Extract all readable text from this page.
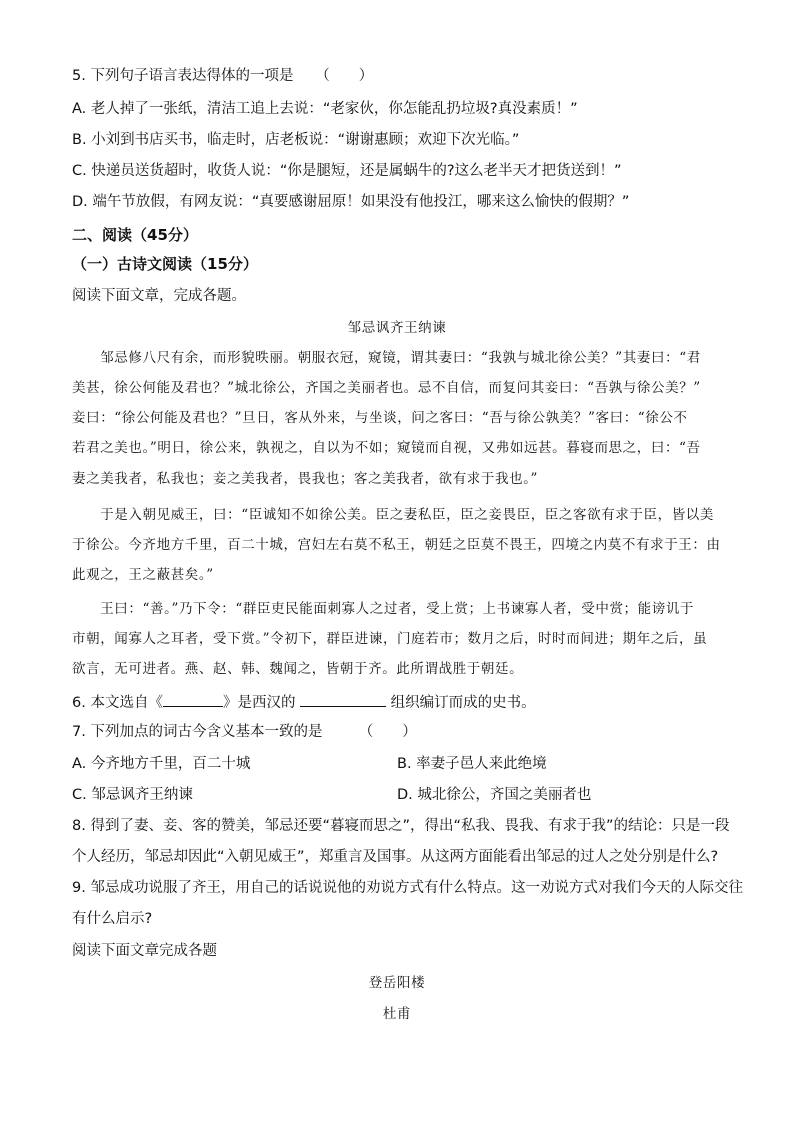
5. 下列句子语言表达得体的一项是　　（　　）
A. 老人掉了一张纸，清洁工追上去说：“老家伙，你怎能乱扔垃圾?真没素质！”
B. 小刘到书店买书，临走时，店老板说：“谢谢惠顾；欢迎下次光临。”
C. 快递员送货超时，收货人说：“你是腿短，还是属蜗牛的?这么老半天才把货送到！”
D. 端午节放假，有网友说：“真要感谢屈原！如果没有他投江，哪来这么愉快的假期？”
二、阅读（45分）
（一）古诗文阅读（15分）
阅读下面文章，完成各题。
邹忌讽齐王纳谏
　　邹忌修八尺有余，而形貌昳丽。朝服衣冠，窥镜，谓其妻曰：“我孰与城北徐公美？”其妻曰：“君
美甚，徐公何能及君也？”城北徐公，齐国之美丽者也。忌不自信，而复问其妾曰：“吾孰与徐公美？”
妾曰：“徐公何能及君也？”旦日，客从外来，与坐谈，问之客曰：“吾与徐公孰美？”客曰：“徐公不
若君之美也。”明日，徐公来，孰视之，自以为不如；窥镜而自视，又弗如远甚。暮寝而思之，曰：“吾
妻之美我者，私我也；妾之美我者，畏我也；客之美我者，欲有求于我也。”
　　于是入朝见威王，曰：“臣诚知不如徐公美。臣之妻私臣，臣之妾畏臣，臣之客欲有求于臣，皆以美
于徐公。今齐地方千里，百二十城，宫妇左右莫不私王，朝廷之臣莫不畏王，四境之内莫不有求于王：由
此观之，王之蔽甚矣。”
　　王曰：“善。”乃下令：“群臣吏民能面刺寡人之过者，受上赏；上书谏寡人者，受中赏；能谤讥于
市朝，闻寡人之耳者，受下赏。”令初下，群臣进谏，门庭若市；数月之后，时时而间进；期年之后，虽
欲言，无可进者。燕、赵、韩、魏闻之，皆朝于齐。此所谓战胜于朝廷。
6. 本文选自《	》是西汉的	组织编订而成的史书。
7. 下列加点的词古今含义基本一致的是　　　（　　）
A. 今齐地方千里，百二十城	B. 率妻子邑人来此绝境
C. 邹忌讽齐王纳谏	D. 城北徐公，齐国之美丽者也
8. 得到了妻、妾、客的赞美，邹忌还要“暮寝而思之”，得出“私我、畏我、有求于我”的结论：只是一段
个人经历，邹忌却因此“入朝见威王”，郑重言及国事。从这两方面能看出邹忌的过人之处分别是什么?
9. 邹忌成功说服了齐王，用自己的话说说他的劝说方式有什么特点。这一劝说方式对我们今天的人际交往
有什么启示?
阅读下面文章完成各题
登岳阳楼
杜甫
